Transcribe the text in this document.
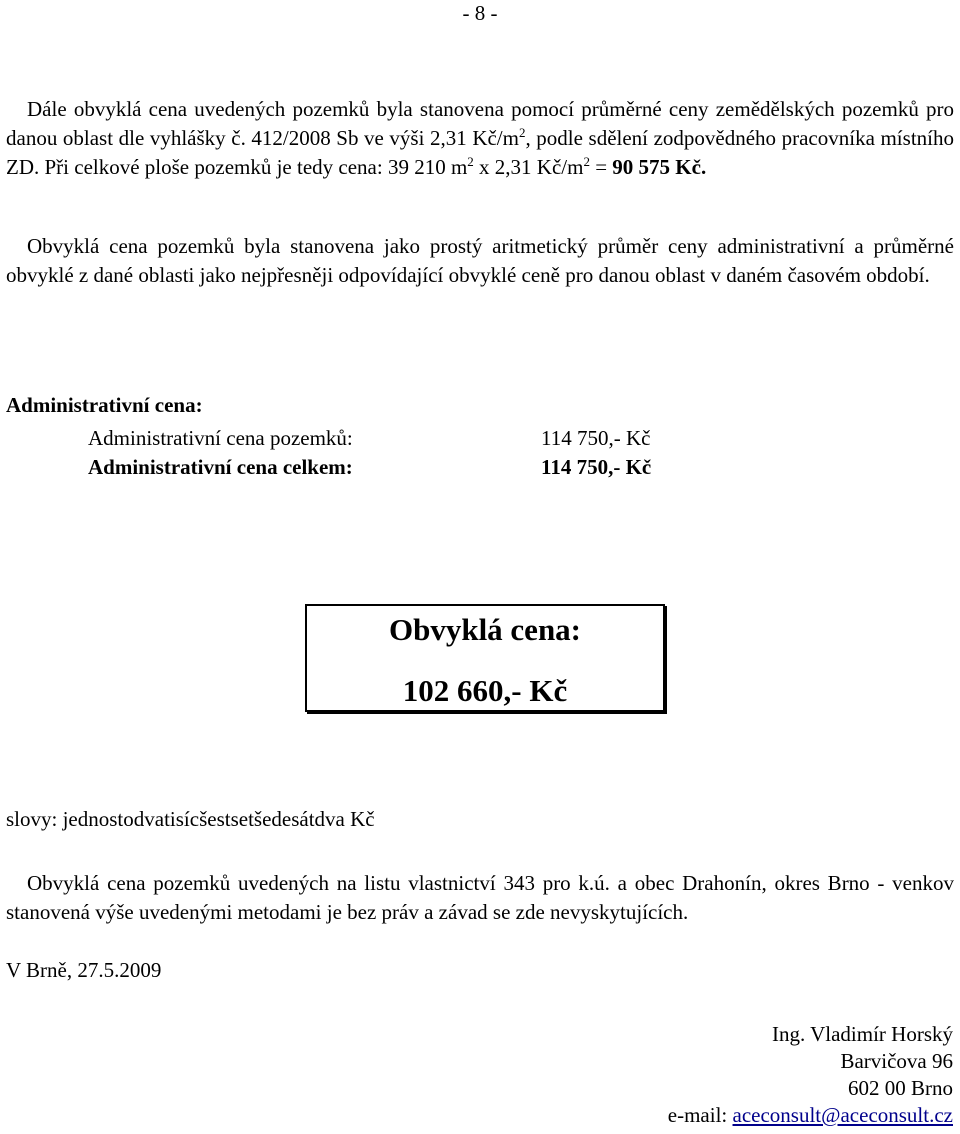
- 8 -
Dále obvyklá cena uvedených pozemků byla stanovena pomocí průměrné ceny zemědělských pozemků pro danou oblast dle vyhlášky č. 412/2008 Sb ve výši 2,31 $Kč/m^2$, podle sdělení zodpovědného pracovníka místního ZD. Při celkové ploše pozemků je tedy cena: 39 210 $m^2$ x 2,31 $Kč/m^2 = 90$ 575 Kč.
Obvyklá cena pozemků byla stanovena jako prostý aritmetický průměr ceny administrativní a průměrné obvyklé z dané oblasti jako nejpřesněji odpovídající obvyklé ceně pro danou oblast v daném časovém období.
Administrativní cena:
Administrativní cena pozemků:	114 750,- Kč
Administrativní cena celkem:	114 750,- Kč
Obvyklá cena:
102 660,- Kč
slovy: jednostodvatisícšestsetšedesátdva Kč
Obvyklá cena pozemků uvedených na listu vlastnictví 343 pro k.ú. a obec Drahonín, okres Brno - venkov stanovená výše uvedenými metodami je bez práv a závad se zde nevyskytujících.
V Brně, 27.5.2009
Ing. Vladimír Horský
Barvičova 96
602 00 Brno
e-mail: aceconsult@aceconsult.cz
